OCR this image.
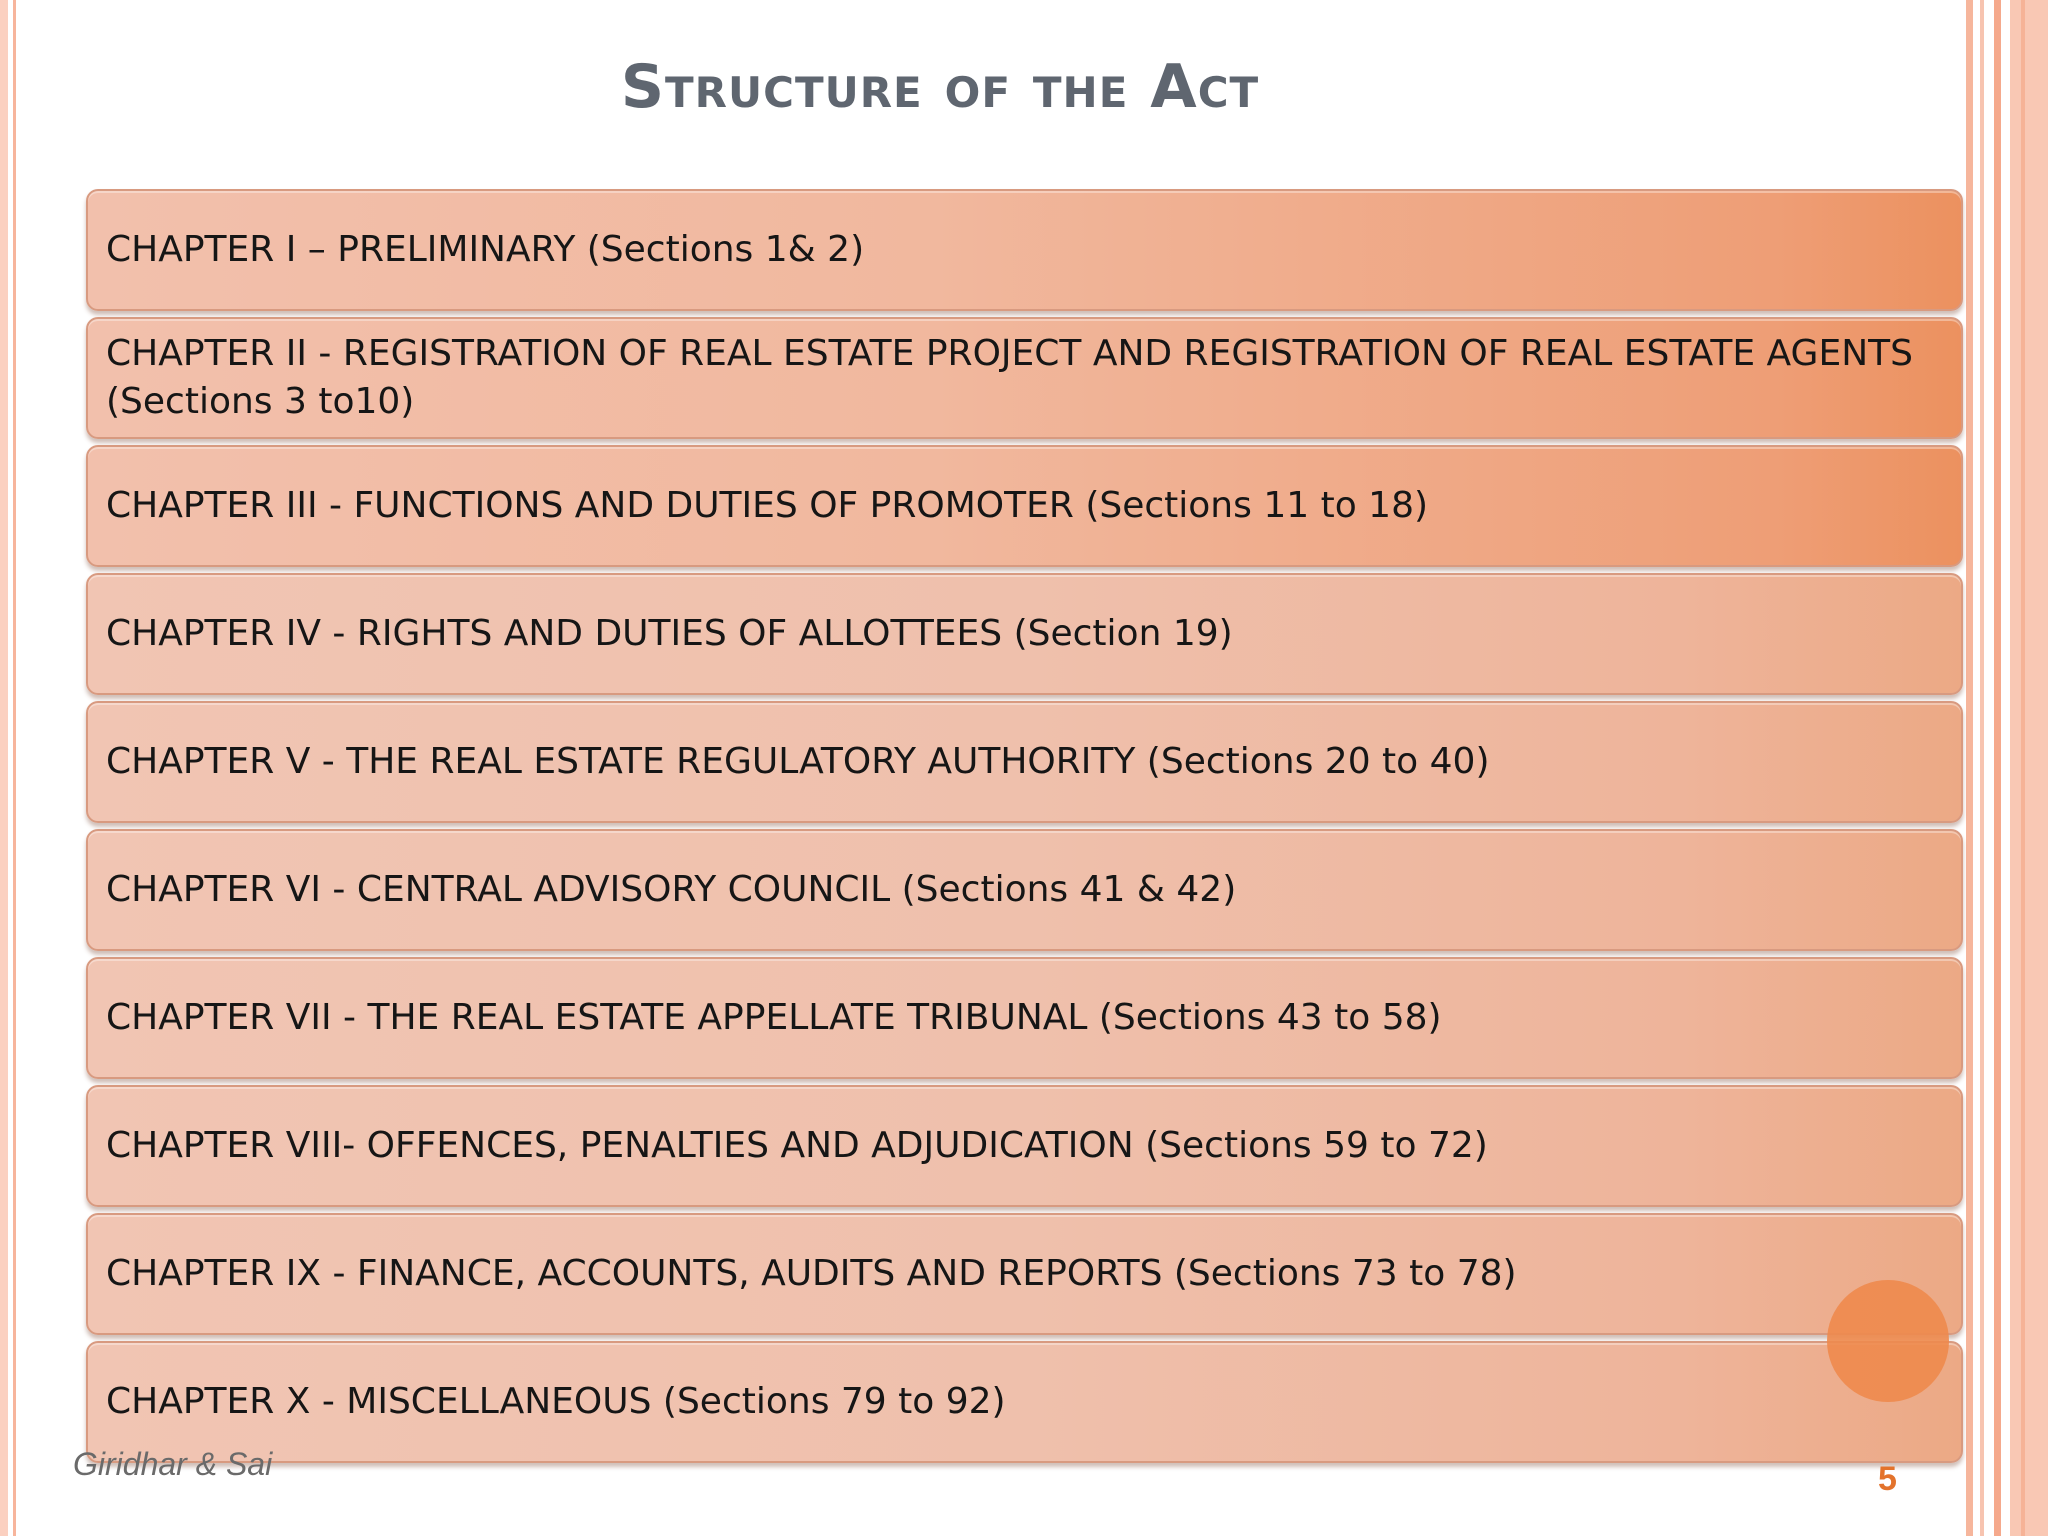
Structure of the Act
CHAPTER I – PRELIMINARY (Sections 1& 2)
CHAPTER II - REGISTRATION OF REAL ESTATE PROJECT AND REGISTRATION OF REAL ESTATE AGENTS (Sections 3 to10)
CHAPTER III - FUNCTIONS AND DUTIES OF PROMOTER (Sections 11 to 18)
CHAPTER IV - RIGHTS AND DUTIES OF ALLOTTEES (Section 19)
CHAPTER V - THE REAL ESTATE REGULATORY AUTHORITY (Sections 20 to 40)
CHAPTER VI - CENTRAL ADVISORY COUNCIL (Sections 41 & 42)
CHAPTER VII - THE REAL ESTATE APPELLATE TRIBUNAL (Sections 43 to 58)
CHAPTER VIII- OFFENCES, PENALTIES AND ADJUDICATION (Sections 59 to 72)
CHAPTER IX - FINANCE, ACCOUNTS, AUDITS AND REPORTS (Sections 73 to 78)
CHAPTER X - MISCELLANEOUS (Sections 79 to 92)
Giridhar & Sai	5
